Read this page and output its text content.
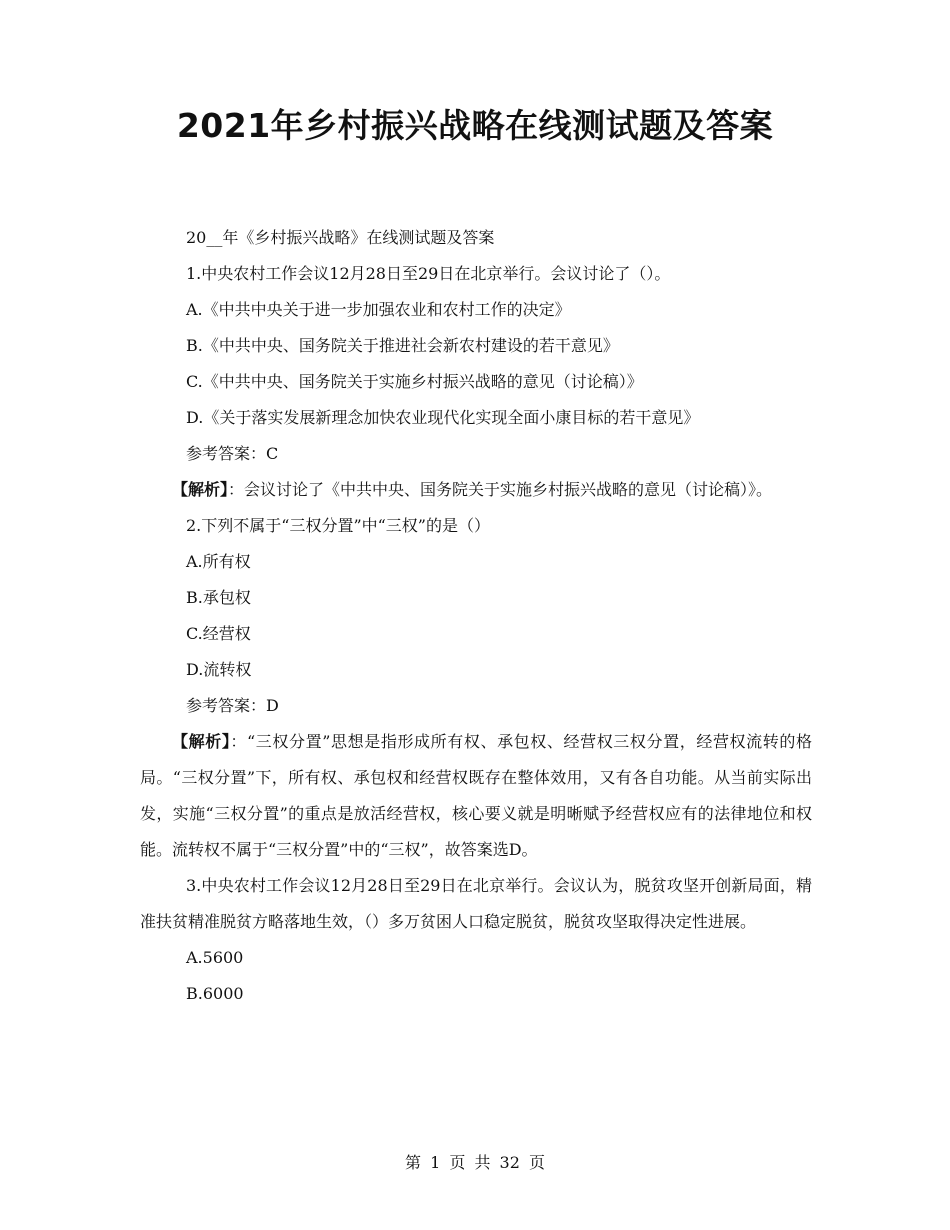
2021年乡村振兴战略在线测试题及答案

20__年《乡村振兴战略》在线测试题及答案

1.中央农村工作会议12月28日至29日在北京举行。会议讨论了（）。

A.《中共中央关于进一步加强农业和农村工作的决定》

B.《中共中央、国务院关于推进社会新农村建设的若干意见》

C.《中共中央、国务院关于实施乡村振兴战略的意见（讨论稿）》

D.《关于落实发展新理念加快农业现代化实现全面小康目标的若干意见》

参考答案：C

【解析】：会议讨论了《中共中央、国务院关于实施乡村振兴战略的意见（讨论稿）》。

2.下列不属于“三权分置”中“三权”的是（）

A.所有权

B.承包权

C.经营权

D.流转权

参考答案：D

【解析】：“三权分置”思想是指形成所有权、承包权、经营权三权分置，经营权流转的格局。“三权分置”下，所有权、承包权和经营权既存在整体效用，又有各自功能。从当前实际出发，实施“三权分置”的重点是放活经营权，核心要义就是明晰赋予经营权应有的法律地位和权能。流转权不属于“三权分置”中的“三权”，故答案选D。

3.中央农村工作会议12月28日至29日在北京举行。会议认为，脱贫攻坚开创新局面，精准扶贫精准脱贫方略落地生效，（）多万贫困人口稳定脱贫，脱贫攻坚取得决定性进展。

A.5600

B.6000

第 1 页 共 32 页
